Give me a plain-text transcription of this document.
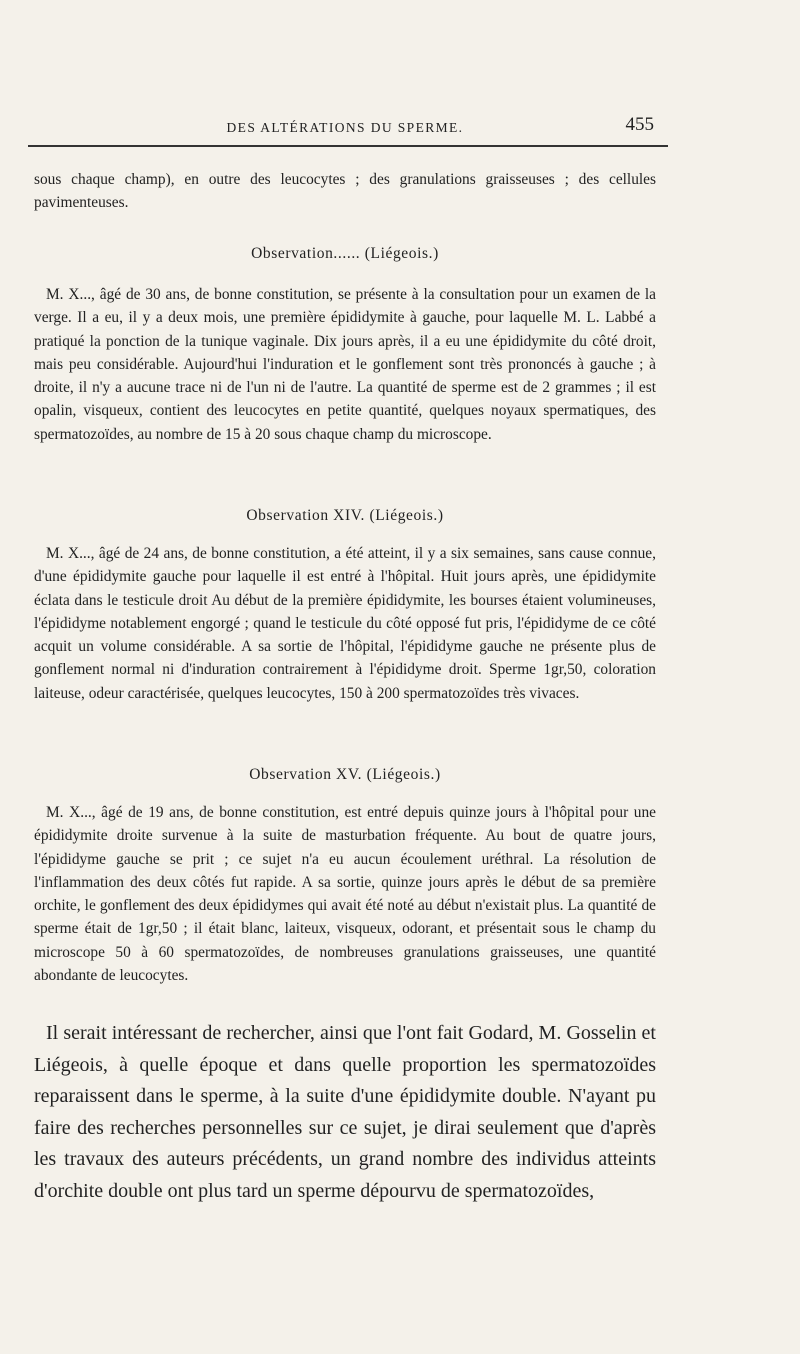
DES ALTÉRATIONS DU SPERME.	455

sous chaque champ), en outre des leucocytes ; des granulations graisseuses ; des cellules pavimenteuses.

Observation...... (Liégeois.)

M. X..., âgé de 30 ans, de bonne constitution, se présente à la consultation pour un examen de la verge. Il a eu, il y a deux mois, une première épididymite à gauche, pour laquelle M. L. Labbé a pratiqué la ponction de la tunique vaginale. Dix jours après, il a eu une épididymite du côté droit, mais peu considérable. Aujourd'hui l'induration et le gonflement sont très prononcés à gauche ; à droite, il n'y a aucune trace ni de l'un ni de l'autre. La quantité de sperme est de 2 grammes ; il est opalin, visqueux, contient des leucocytes en petite quantité, quelques noyaux spermatiques, des spermatozoïdes, au nombre de 15 à 20 sous chaque champ du microscope.

Observation XIV. (Liégeois.)

M. X..., âgé de 24 ans, de bonne constitution, a été atteint, il y a six semaines, sans cause connue, d'une épididymite gauche pour laquelle il est entré à l'hôpital. Huit jours après, une épididymite éclata dans le testicule droit Au début de la première épididymite, les bourses étaient volumineuses, l'épididyme notablement engorgé ; quand le testicule du côté opposé fut pris, l'épididyme de ce côté acquit un volume considérable. A sa sortie de l'hôpital, l'épididyme gauche ne présente plus de gonflement normal ni d'induration contrairement à l'épididyme droit. Sperme 1gr,50, coloration laiteuse, odeur caractérisée, quelques leucocytes, 150 à 200 spermatozoïdes très vivaces.

Observation XV. (Liégeois.)

M. X..., âgé de 19 ans, de bonne constitution, est entré depuis quinze jours à l'hôpital pour une épididymite droite survenue à la suite de masturbation fréquente. Au bout de quatre jours, l'épididyme gauche se prit ; ce sujet n'a eu aucun écoulement uréthral. La résolution de l'inflammation des deux côtés fut rapide. A sa sortie, quinze jours après le début de sa première orchite, le gonflement des deux épididymes qui avait été noté au début n'existait plus. La quantité de sperme était de 1gr,50 ; il était blanc, laiteux, visqueux, odorant, et présentait sous le champ du microscope 50 à 60 spermatozoïdes, de nombreuses granulations graisseuses, une quantité abondante de leucocytes.

Il serait intéressant de rechercher, ainsi que l'ont fait Godard, M. Gosselin et Liégeois, à quelle époque et dans quelle proportion les spermatozoïdes reparaissent dans le sperme, à la suite d'une épididymite double. N'ayant pu faire des recherches personnelles sur ce sujet, je dirai seulement que d'après les travaux des auteurs précédents, un grand nombre des individus atteints d'orchite double ont plus tard un sperme dépourvu de spermatozoïdes,
